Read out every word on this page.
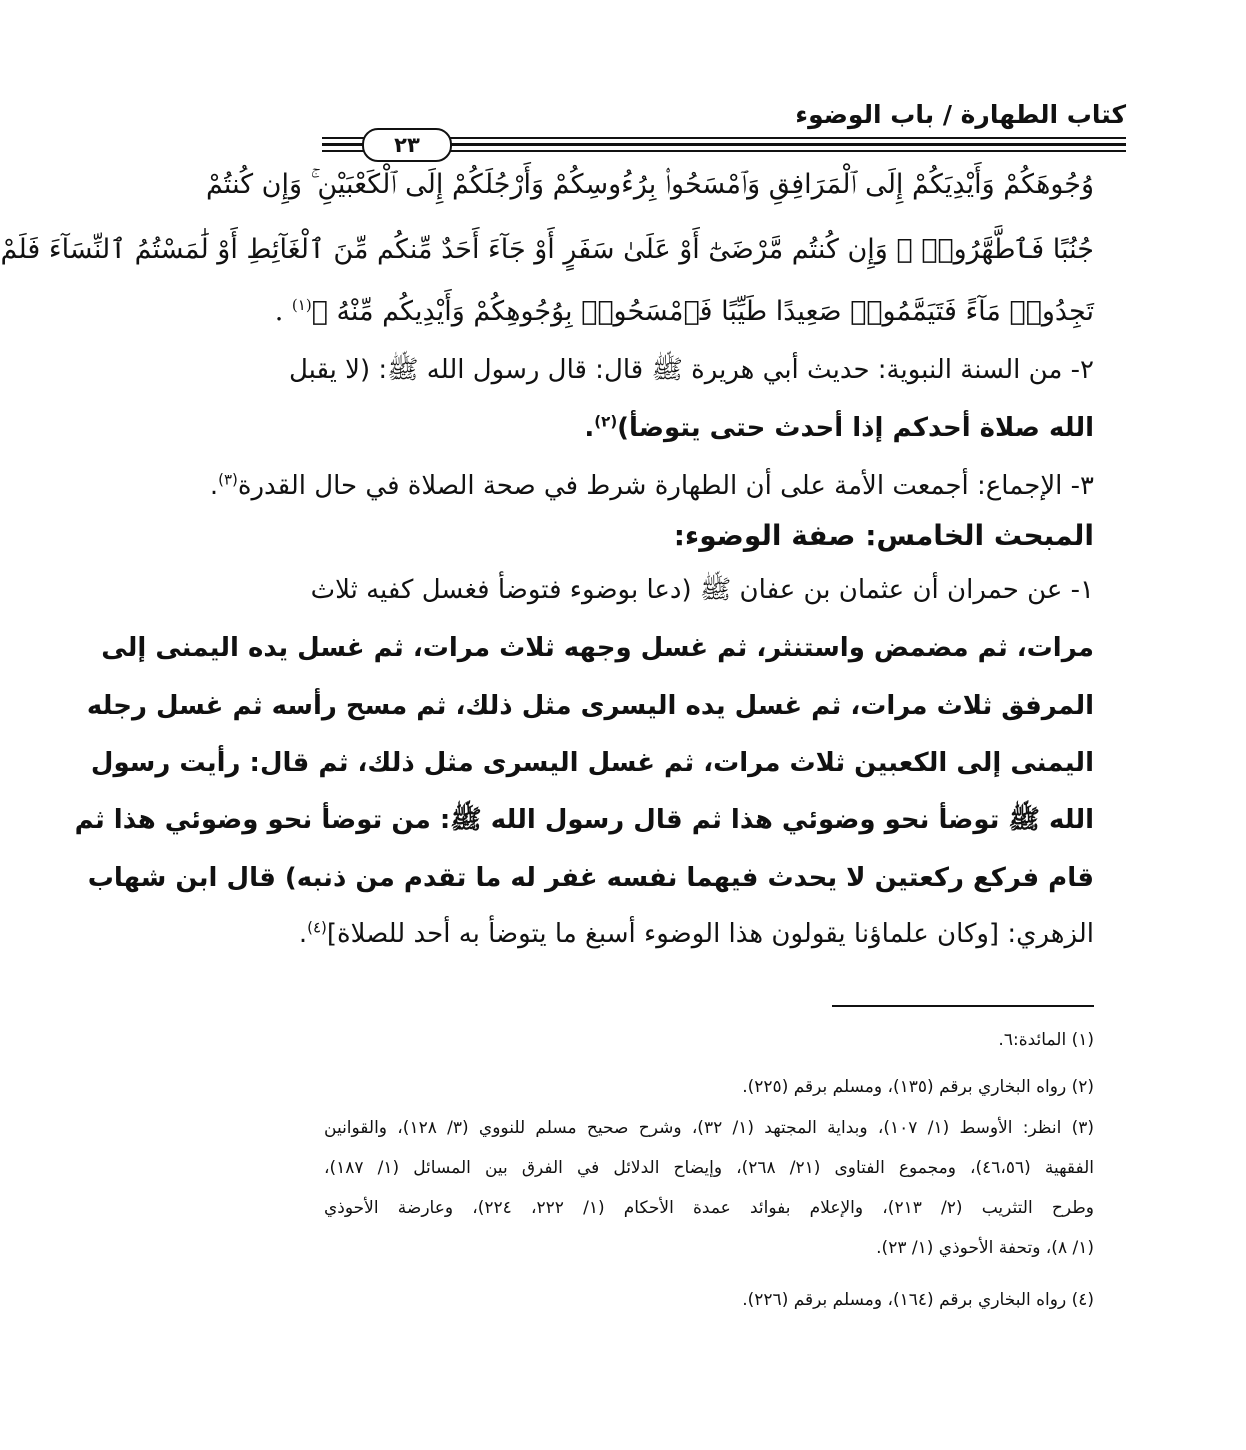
كتاب الطهارة / باب الوضوء
٢٣
وُجُوهَكُمْ وَأَيْدِيَكُمْ إِلَى ٱلْمَرَافِقِ وَٱمْسَحُوا۟ بِرُءُوسِكُمْ وَأَرْجُلَكُمْ إِلَى ٱلْكَعْبَيْنِ ۚ وَإِن كُنتُمْ
جُنُبًا فَٱطَّهَّرُوا۟ ۚ وَإِن كُنتُم مَّرْضَىٰٓ أَوْ عَلَىٰ سَفَرٍ أَوْ جَآءَ أَحَدٌ مِّنكُم مِّنَ ٱلْغَآئِطِ أَوْ لَٰمَسْتُمُ ٱلنِّسَآءَ فَلَمْ
تَجِدُوا۟ مَآءً فَتَيَمَّمُوا۟ صَعِيدًا طَيِّبًا فَٱمْسَحُوا۟ بِوُجُوهِكُمْ وَأَيْدِيكُم مِّنْهُ ﴾$^{(١)}$ .
٢- من السنة النبوية: حديث أبي هريرة ﷺ قال: قال رسول الله ﷺ: (لا يقبل
الله صلاة أحدكم إذا أحدث حتى يتوضأ)$^{(٢)}$.
٣- الإجماع: أجمعت الأمة على أن الطهارة شرط في صحة الصلاة في حال القدرة$^{(٣)}$.
المبحث الخامس: صفة الوضوء:
١- عن حمران أن عثمان بن عفان ﷺ (دعا بوضوء فتوضأ فغسل كفيه ثلاث
مرات، ثم مضمض واستنثر، ثم غسل وجهه ثلاث مرات، ثم غسل يده اليمنى إلى
المرفق ثلاث مرات، ثم غسل يده اليسرى مثل ذلك، ثم مسح رأسه ثم غسل رجله
اليمنى إلى الكعبين ثلاث مرات، ثم غسل اليسرى مثل ذلك، ثم قال: رأيت رسول
الله ﷺ توضأ نحو وضوئي هذا ثم قال رسول الله ﷺ: من توضأ نحو وضوئي هذا ثم
قام فركع ركعتين لا يحدث فيهما نفسه غفر له ما تقدم من ذنبه) قال ابن شهاب
الزهري: [وكان علماؤنا يقولون هذا الوضوء أسبغ ما يتوضأ به أحد للصلاة]$^{(٤)}$.
(١) المائدة:٦.
(٢) رواه البخاري برقم (١٣٥)، ومسلم برقم (٢٢٥).
(٣) انظر: الأوسط (١/ ١٠٧)، وبداية المجتهد (١/ ٣٢)، وشرح صحيح مسلم للنووي (٣/ ١٢٨)، والقوانين
الفقهية (٤٦،٥٦)، ومجموع الفتاوى (٢١/ ٢٦٨)، وإيضاح الدلائل في الفرق بين المسائل (١/ ١٨٧)،
وطرح التثريب (٢/ ٢١٣)، والإعلام بفوائد عمدة الأحكام (١/ ٢٢٢، ٢٢٤)، وعارضة الأحوذي
(١/ ٨)، وتحفة الأحوذي (١/ ٢٣).
(٤) رواه البخاري برقم (١٦٤)، ومسلم برقم (٢٢٦).
